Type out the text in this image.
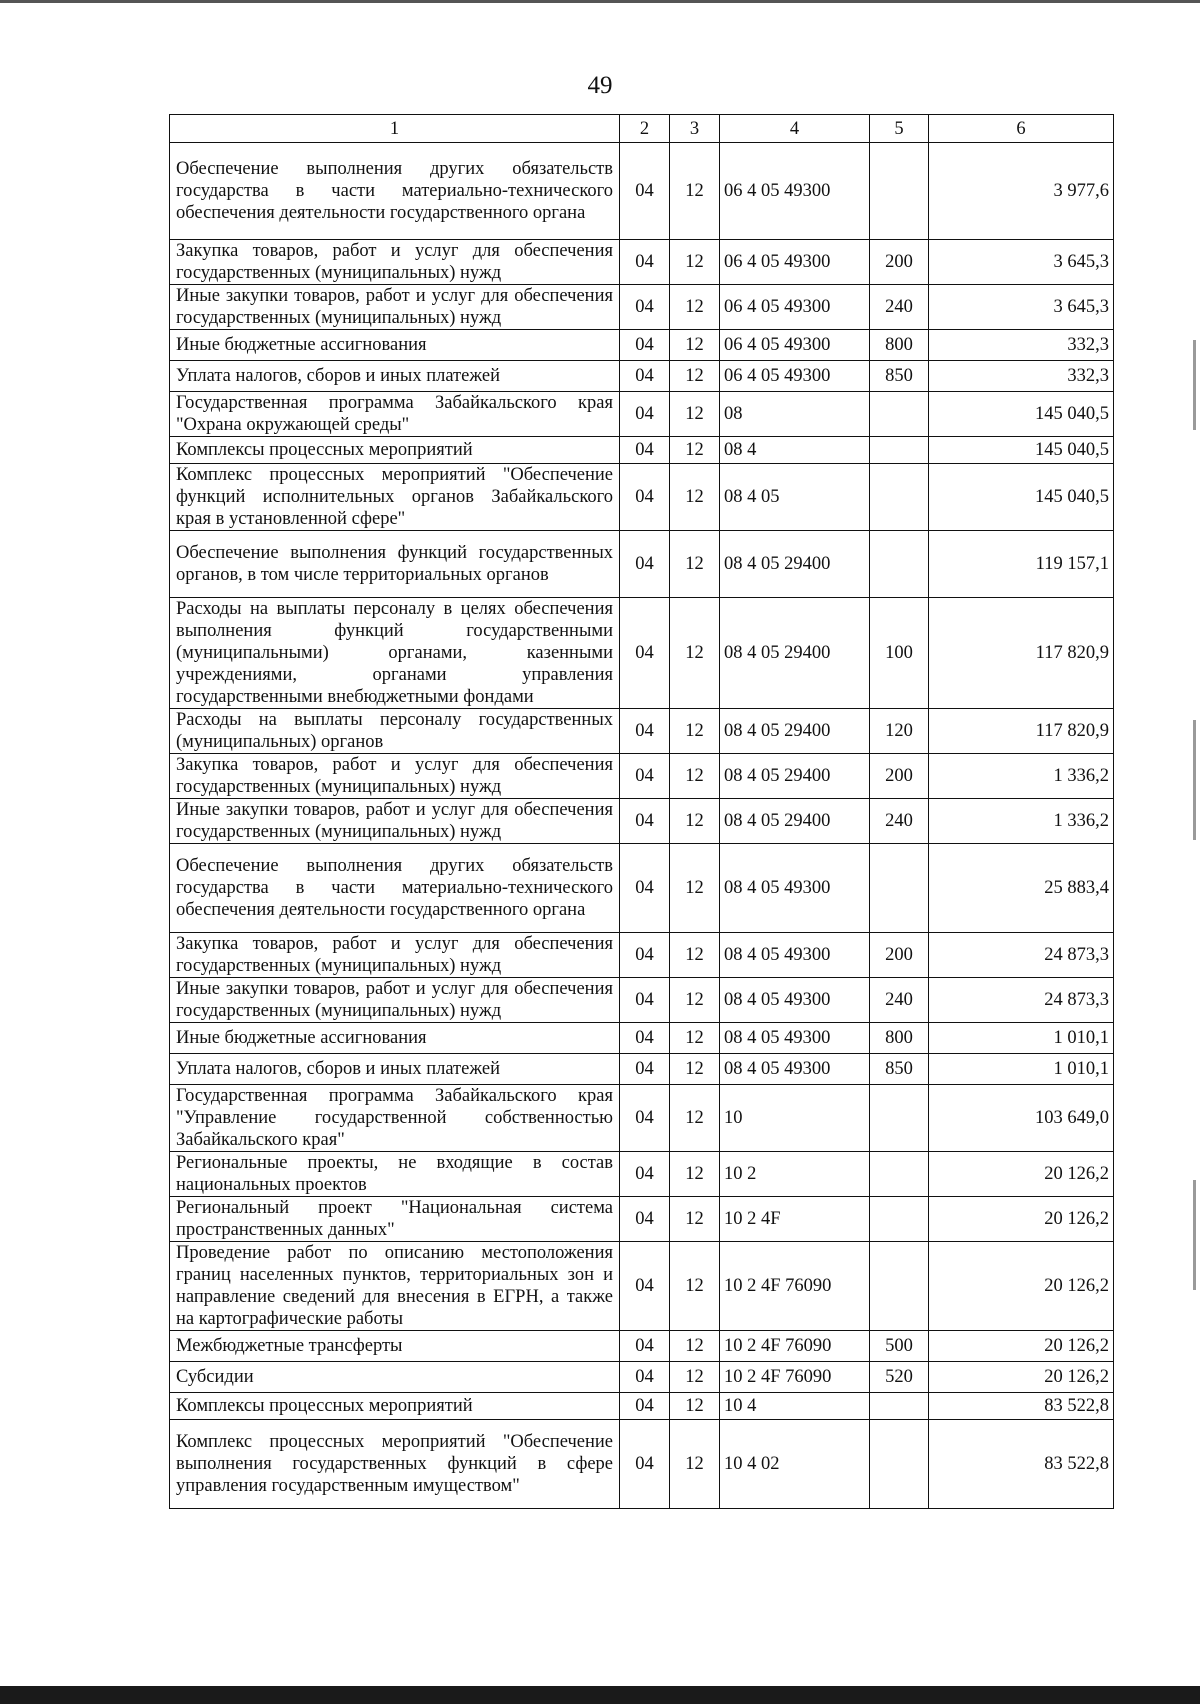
49
1	2	3	4	5	6
Обеспечение выполнения других обязательств государства в части материально-технического обеспечения деятельности государственного органа	04	12	06 4 05 49300		3 977,6
Закупка товаров, работ и услуг для обеспечения государственных (муниципальных) нужд	04	12	06 4 05 49300	200	3 645,3
Иные закупки товаров, работ и услуг для обеспечения государственных (муниципальных) нужд	04	12	06 4 05 49300	240	3 645,3
Иные бюджетные ассигнования	04	12	06 4 05 49300	800	332,3
Уплата налогов, сборов и иных платежей	04	12	06 4 05 49300	850	332,3
Государственная программа Забайкальского края "Охрана окружающей среды"	04	12	08		145 040,5
Комплексы процессных мероприятий	04	12	08 4		145 040,5
Комплекс процессных мероприятий "Обеспечение функций исполнительных органов Забайкальского края в установленной сфере"	04	12	08 4 05		145 040,5
Обеспечение выполнения функций государственных органов, в том числе территориальных органов	04	12	08 4 05 29400		119 157,1
Расходы на выплаты персоналу в целях обеспечения выполнения функций государственными (муниципальными) органами, казенными учреждениями, органами управления государственными внебюджетными фондами	04	12	08 4 05 29400	100	117 820,9
Расходы на выплаты персоналу государственных (муниципальных) органов	04	12	08 4 05 29400	120	117 820,9
Закупка товаров, работ и услуг для обеспечения государственных (муниципальных) нужд	04	12	08 4 05 29400	200	1 336,2
Иные закупки товаров, работ и услуг для обеспечения государственных (муниципальных) нужд	04	12	08 4 05 29400	240	1 336,2
Обеспечение выполнения других обязательств государства в части материально-технического обеспечения деятельности государственного органа	04	12	08 4 05 49300		25 883,4
Закупка товаров, работ и услуг для обеспечения государственных (муниципальных) нужд	04	12	08 4 05 49300	200	24 873,3
Иные закупки товаров, работ и услуг для обеспечения государственных (муниципальных) нужд	04	12	08 4 05 49300	240	24 873,3
Иные бюджетные ассигнования	04	12	08 4 05 49300	800	1 010,1
Уплата налогов, сборов и иных платежей	04	12	08 4 05 49300	850	1 010,1
Государственная программа Забайкальского края "Управление государственной собственностью Забайкальского края"	04	12	10		103 649,0
Региональные проекты, не входящие в состав национальных проектов	04	12	10 2		20 126,2
Региональный проект "Национальная система пространственных данных"	04	12	10 2 4F		20 126,2
Проведение работ по описанию местоположения границ населенных пунктов, территориальных зон и направление сведений для внесения в ЕГРН, а также на картографические работы	04	12	10 2 4F 76090		20 126,2
Межбюджетные трансферты	04	12	10 2 4F 76090	500	20 126,2
Субсидии	04	12	10 2 4F 76090	520	20 126,2
Комплексы процессных мероприятий	04	12	10 4		83 522,8
Комплекс процессных мероприятий "Обеспечение выполнения государственных функций в сфере управления государственным имуществом"	04	12	10 4 02		83 522,8
